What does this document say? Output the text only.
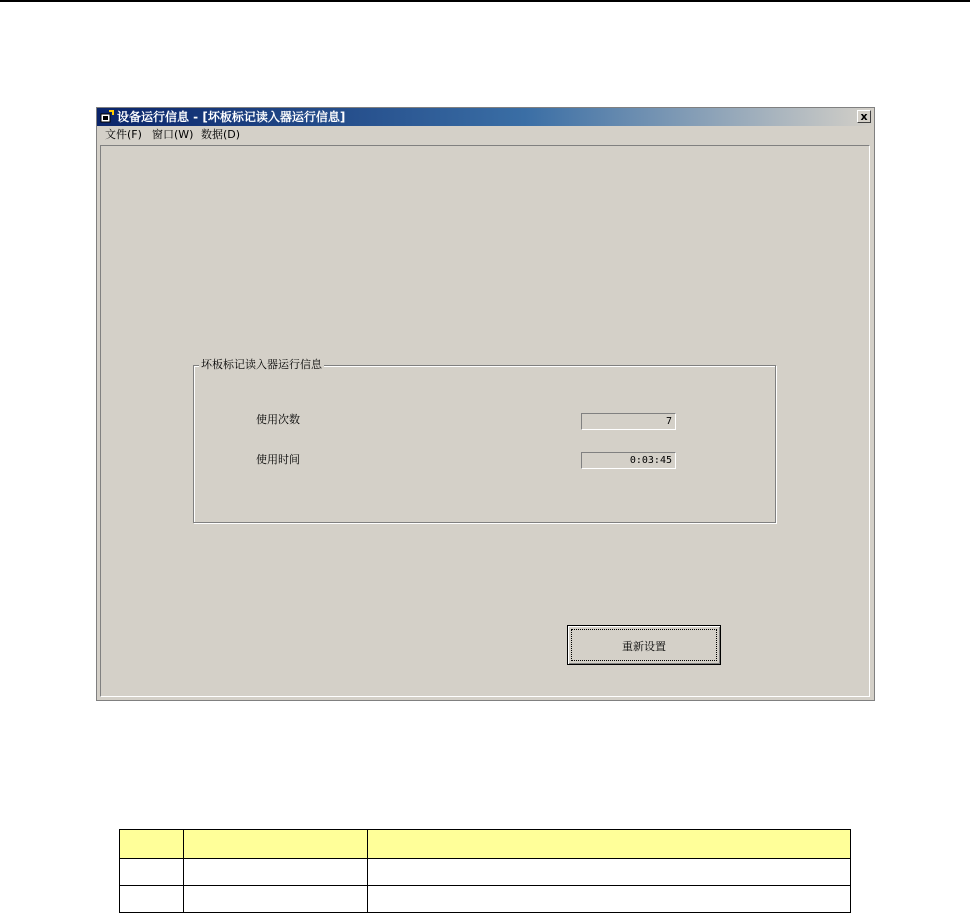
设备运行信息 - [坏板标记读入器运行信息]	x
文件(F) 窗口(W) 数据(D)
坏板标记读入器运行信息
使用次数	7
使用时间	0:03:45
重新设置
